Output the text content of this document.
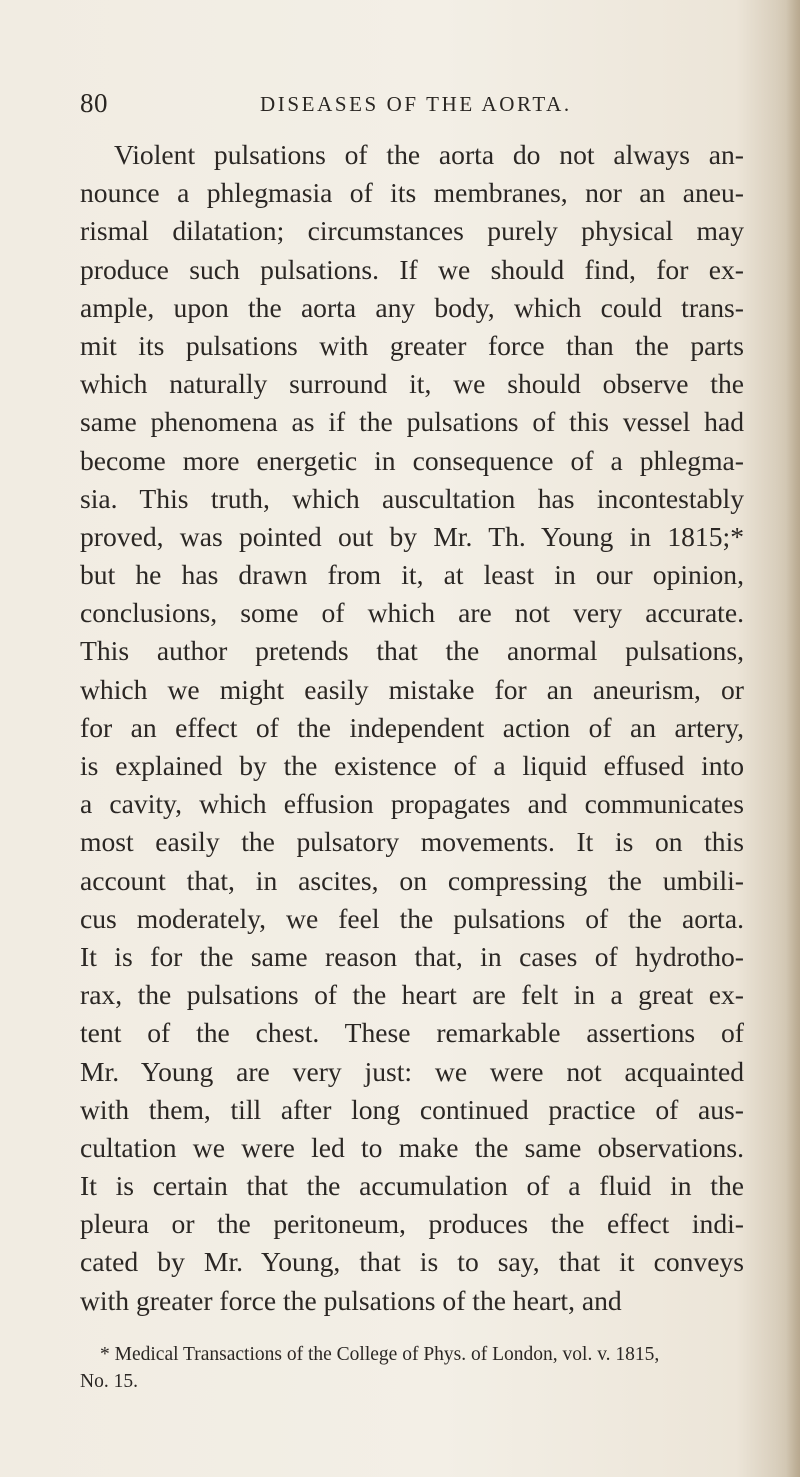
80	DISEASES OF THE AORTA.
Violent pulsations of the aorta do not always an-
nounce a phlegmasia of its membranes, nor an aneu-
rismal dilatation; circumstances purely physical may
produce such pulsations. If we should find, for ex-
ample, upon the aorta any body, which could trans-
mit its pulsations with greater force than the parts
which naturally surround it, we should observe the
same phenomena as if the pulsations of this vessel had
become more energetic in consequence of a phlegma-
sia. This truth, which auscultation has incontestably
proved, was pointed out by Mr. Th. Young in 1815;*
but he has drawn from it, at least in our opinion,
conclusions, some of which are not very accurate.
This author pretends that the anormal pulsations,
which we might easily mistake for an aneurism, or
for an effect of the independent action of an artery,
is explained by the existence of a liquid effused into
a cavity, which effusion propagates and communicates
most easily the pulsatory movements. It is on this
account that, in ascites, on compressing the umbili-
cus moderately, we feel the pulsations of the aorta.
It is for the same reason that, in cases of hydrotho-
rax, the pulsations of the heart are felt in a great ex-
tent of the chest. These remarkable assertions of
Mr. Young are very just: we were not acquainted
with them, till after long continued practice of aus-
cultation we were led to make the same observations.
It is certain that the accumulation of a fluid in the
pleura or the peritoneum, produces the effect indi-
cated by Mr. Young, that is to say, that it conveys
with greater force the pulsations of the heart, and
* Medical Transactions of the College of Phys. of London, vol. v. 1815,
No. 15.
